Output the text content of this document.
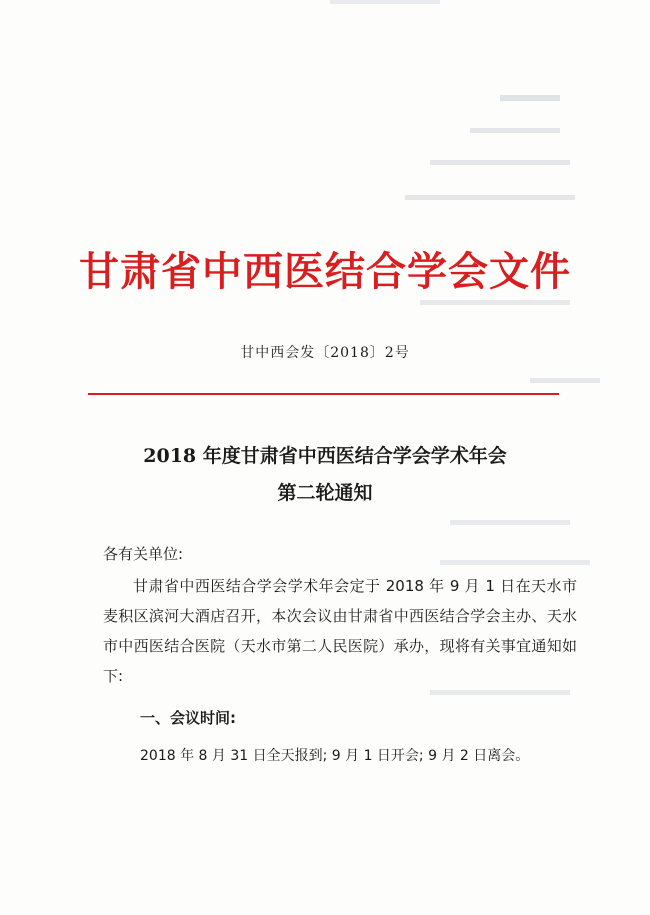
甘肃省中西医结合学会文件
甘中西会发〔2018〕2号
2018 年度甘肃省中西医结合学会学术年会
第二轮通知
各有关单位:
甘肃省中西医结合学会学术年会定于 2018 年 9 月 1 日在天水市麦积区滨河大酒店召开，本次会议由甘肃省中西医结合学会主办、天水市中西医结合医院（天水市第二人民医院）承办，现将有关事宜通知如下:
一、会议时间:
2018 年 8 月 31 日全天报到; 9 月 1 日开会; 9 月 2 日离会。
